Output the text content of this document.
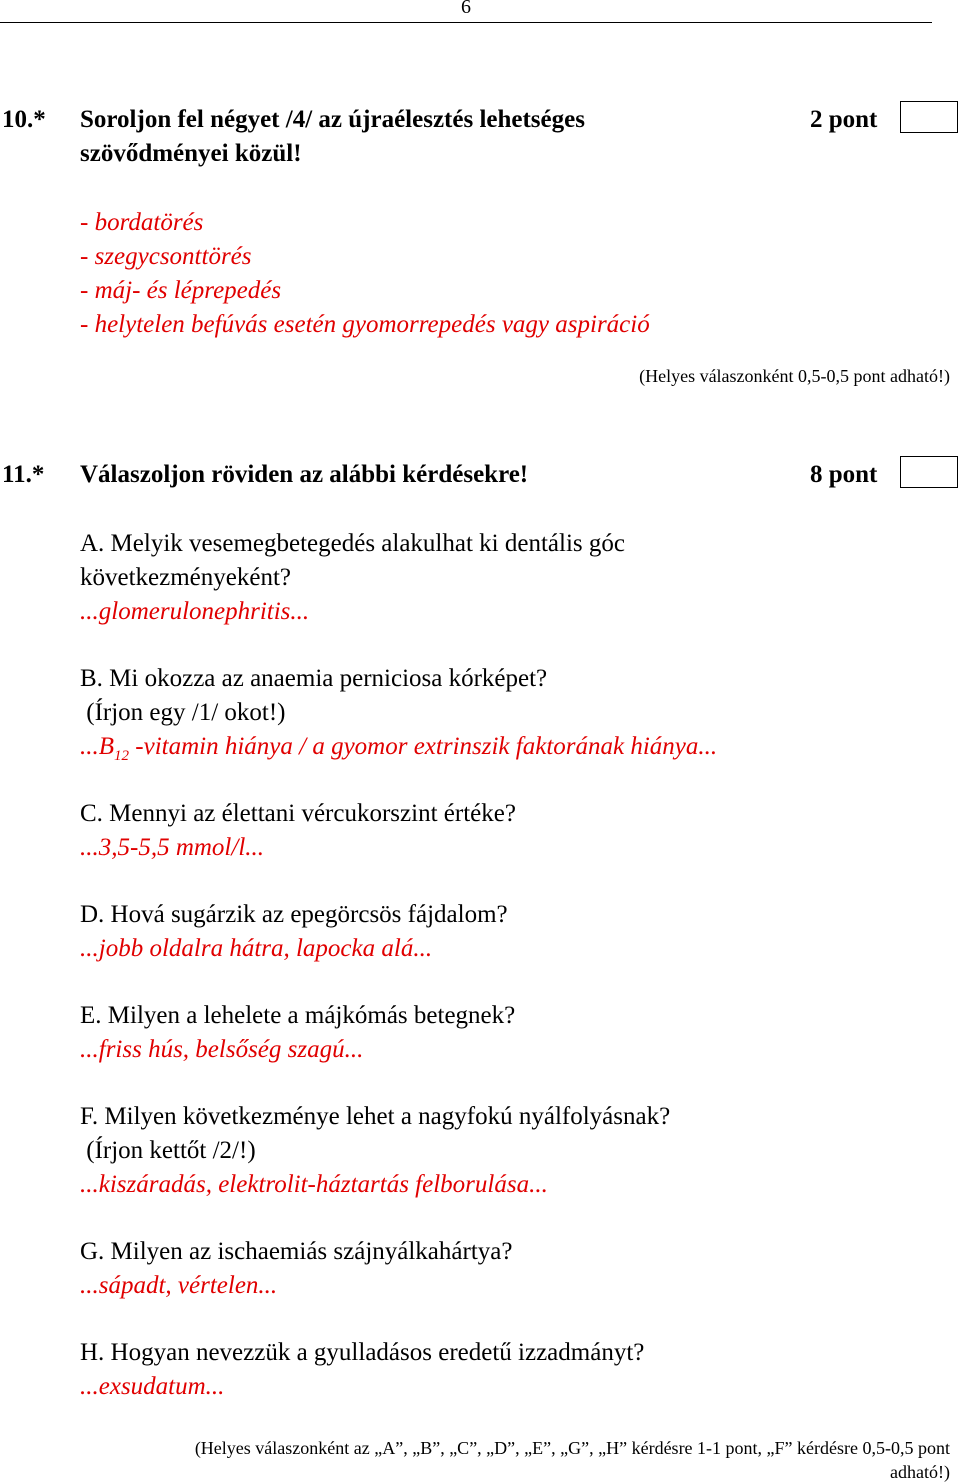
6
10.* Soroljon fel négyet /4/ az újraélesztés lehetséges
szövődményei közül!
2 pont
- bordatörés
- szegycsonttörés
- máj- és léprepedés
- helytelen befúvás esetén gyomorrepedés vagy aspiráció
(Helyes válaszonként 0,5-0,5 pont adható!)
11.* Válaszoljon röviden az alábbi kérdésekre!	8 pont
A. Melyik vesemegbetegedés alakulhat ki dentális góc
következményeként?
...glomerulonephritis...
B. Mi okozza az anaemia perniciosa kórképet?
(Írjon egy /1/ okot!)
$...B_{12}$ -vitamin hiánya / a gyomor extrinszik faktorának hiánya...
C. Mennyi az élettani vércukorszint értéke?
...3,5-5,5 mmol/l...
D. Hová sugárzik az epegörcsös fájdalom?
...jobb oldalra hátra, lapocka alá...
E. Milyen a lehelete a májkómás betegnek?
...friss hús, belsőség szagú...
F. Milyen következménye lehet a nagyfokú nyálfolyásnak?
(Írjon kettőt /2/!)
...kiszáradás, elektrolit-háztartás felborulása...
G. Milyen az ischaemiás szájnyálkahártya?
...sápadt, vértelen...
H. Hogyan nevezzük a gyulladásos eredetű izzadmányt?
...exsudatum...
(Helyes válaszonként az „A”, „B”, „C”, „D”, „E”, „G”, „H” kérdésre 1-1 pont, „F” kérdésre 0,5-0,5 pont
adható!)
